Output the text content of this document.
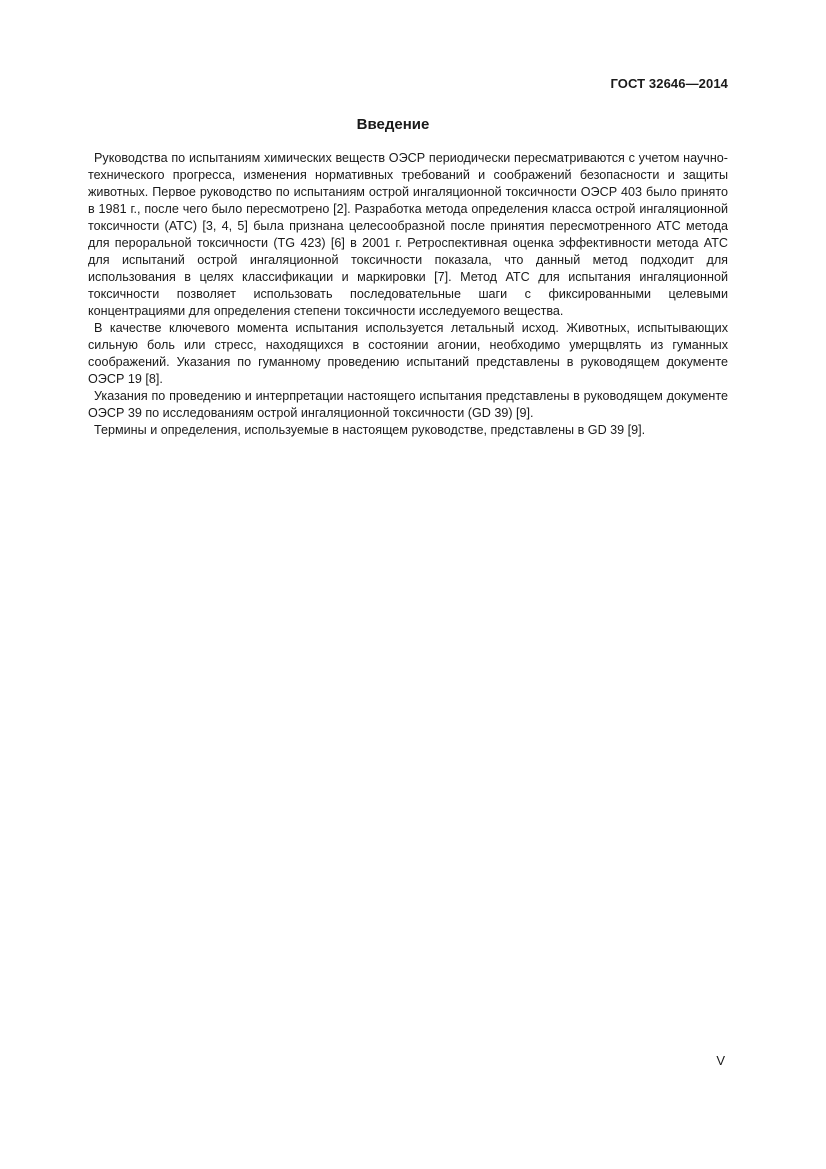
ГОСТ 32646—2014
Введение

Руководства по испытаниям химических веществ ОЭСР периодически пересматриваются с учетом научно-технического прогресса, изменения нормативных требований и соображений безопасности и защиты животных. Первое руководство по испытаниям острой ингаляционной токсичности ОЭСР 403 было принято в 1981 г., после чего было пересмотрено [2]. Разработка метода определения класса острой ингаляционной токсичности (АТС) [3, 4, 5] была признана целесообразной после принятия пересмотренного АТС метода для пероральной токсичности (TG 423) [6] в 2001 г. Ретроспективная оценка эффективности метода АТС для испытаний острой ингаляционной токсичности показала, что данный метод подходит для использования в целях классификации и маркировки [7]. Метод АТС для испытания ингаляционной токсичности позволяет использовать последовательные шаги с фиксированными целевыми концентрациями для определения степени токсичности исследуемого вещества.

В качестве ключевого момента испытания используется летальный исход. Животных, испытывающих сильную боль или стресс, находящихся в состоянии агонии, необходимо умерщвлять из гуманных соображений. Указания по гуманному проведению испытаний представлены в руководящем документе ОЭСР 19 [8].

Указания по проведению и интерпретации настоящего испытания представлены в руководящем документе ОЭСР 39 по исследованиям острой ингаляционной токсичности (GD 39) [9].

Термины и определения, используемые в настоящем руководстве, представлены в GD 39 [9].

V
